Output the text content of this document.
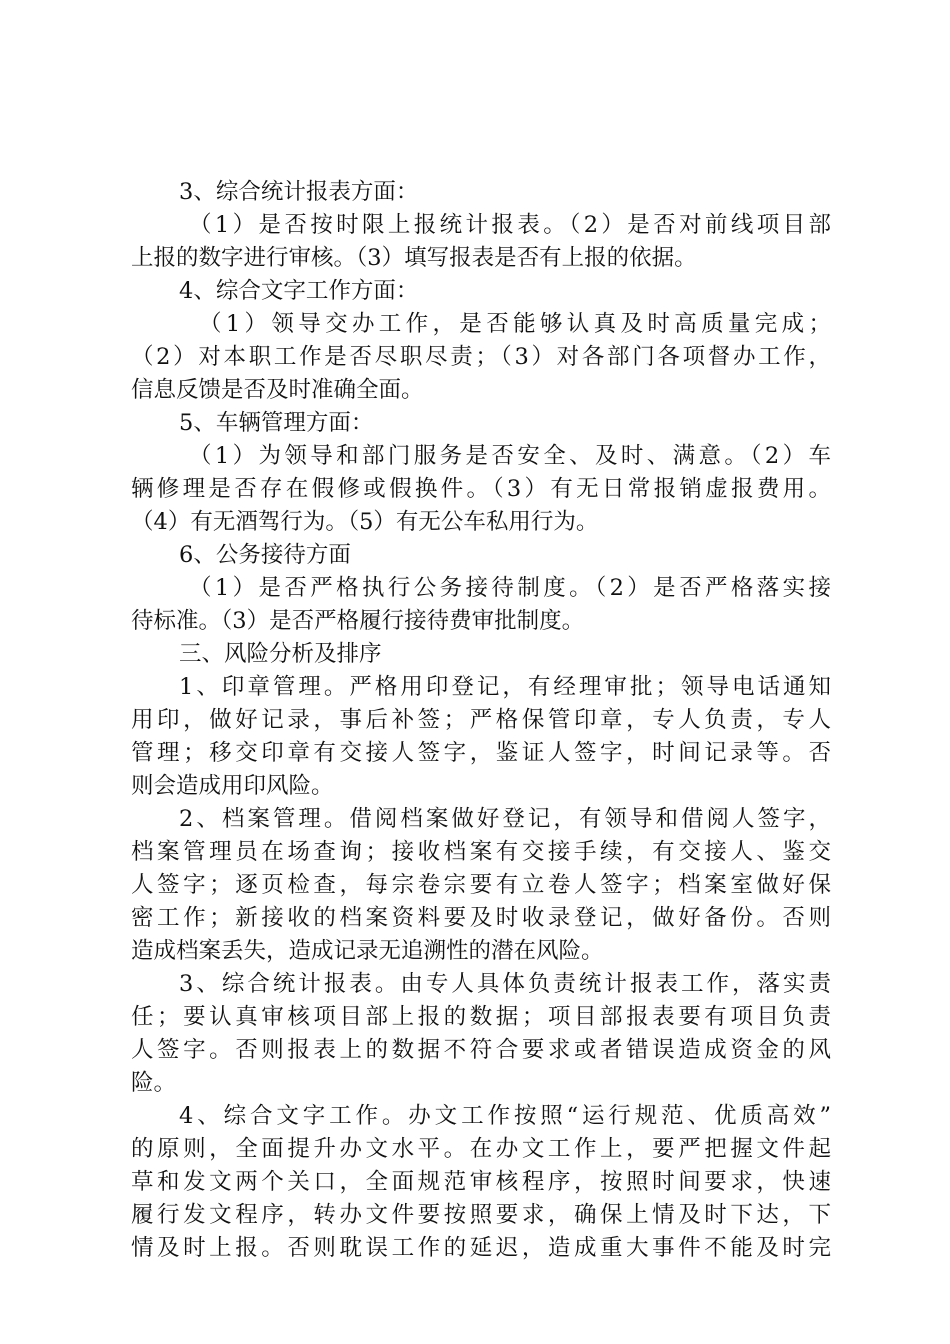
3、综合统计报表方面：
（1）是否按时限上报统计报表。（2）是否对前线项目部
上报的数字进行审核。（3）填写报表是否有上报的依据。
4、综合文字工作方面：
（1）领导交办工作，是否能够认真及时高质量完成；
（2）对本职工作是否尽职尽责；（3）对各部门各项督办工作，
信息反馈是否及时准确全面。
5、车辆管理方面：
（1）为领导和部门服务是否安全、及时、满意。（2）车
辆修理是否存在假修或假换件。（3）有无日常报销虚报费用。
（4）有无酒驾行为。（5）有无公车私用行为。
6、公务接待方面
（1）是否严格执行公务接待制度。（2）是否严格落实接
待标准。（3）是否严格履行接待费审批制度。
三、风险分析及排序
1、印章管理。严格用印登记，有经理审批；领导电话通知
用印，做好记录，事后补签；严格保管印章，专人负责，专人
管理；移交印章有交接人签字，鉴证人签字，时间记录等。否
则会造成用印风险。
2、档案管理。借阅档案做好登记，有领导和借阅人签字，
档案管理员在场查询；接收档案有交接手续，有交接人、鉴交
人签字；逐页检查，每宗卷宗要有立卷人签字；档案室做好保
密工作；新接收的档案资料要及时收录登记，做好备份。否则
造成档案丢失，造成记录无追溯性的潜在风险。
3、综合统计报表。由专人具体负责统计报表工作，落实责
任；要认真审核项目部上报的数据；项目部报表要有项目负责
人签字。否则报表上的数据不符合要求或者错误造成资金的风
险。
4、综合文字工作。办文工作按照“运行规范、优质高效”
的原则，全面提升办文水平。在办文工作上，要严把握文件起
草和发文两个关口，全面规范审核程序，按照时间要求，快速
履行发文程序，转办文件要按照要求，确保上情及时下达，下
情及时上报。否则耽误工作的延迟，造成重大事件不能及时完
